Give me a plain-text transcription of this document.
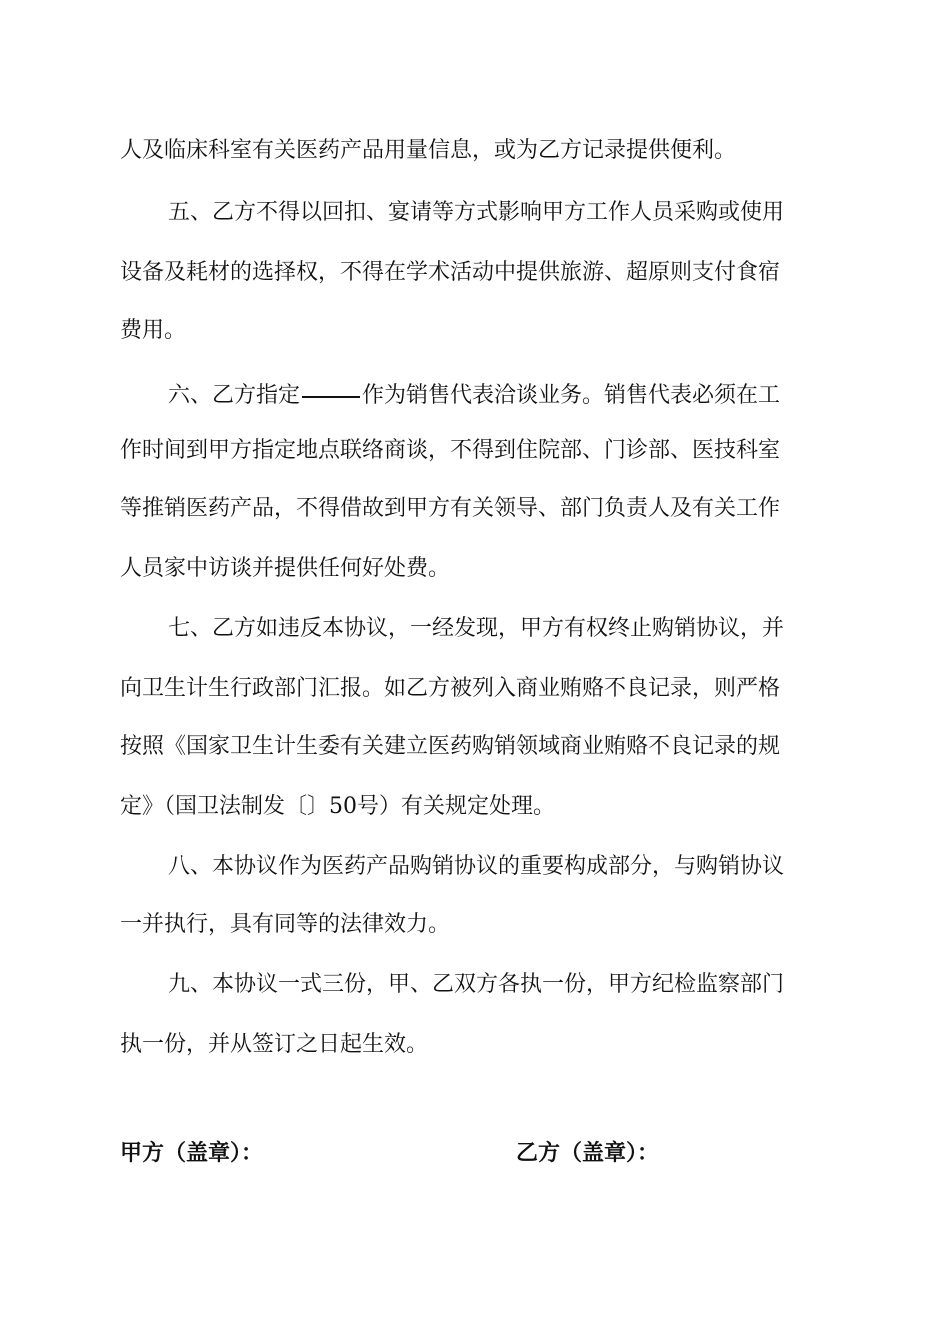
人及临床科室有关医药产品用量信息，或为乙方记录提供便利。
五、乙方不得以回扣、宴请等方式影响甲方工作人员采购或使用
设备及耗材的选择权，不得在学术活动中提供旅游、超原则支付食宿
费用。
六、乙方指定	作为销售代表洽谈业务。销售代表必须在工
作时间到甲方指定地点联络商谈，不得到住院部、门诊部、医技科室
等推销医药产品，不得借故到甲方有关领导、部门负责人及有关工作
人员家中访谈并提供任何好处费。
七、乙方如违反本协议，一经发现，甲方有权终止购销协议，并
向卫生计生行政部门汇报。如乙方被列入商业贿赂不良记录，则严格
按照《国家卫生计生委有关建立医药购销领域商业贿赂不良记录的规
定》（国卫法制发〔〕50号）有关规定处理。
八、本协议作为医药产品购销协议的重要构成部分，与购销协议
一并执行，具有同等的法律效力。
九、本协议一式三份，甲、乙双方各执一份，甲方纪检监察部门
执一份，并从签订之日起生效。
甲方（盖章）：	乙方（盖章）：
